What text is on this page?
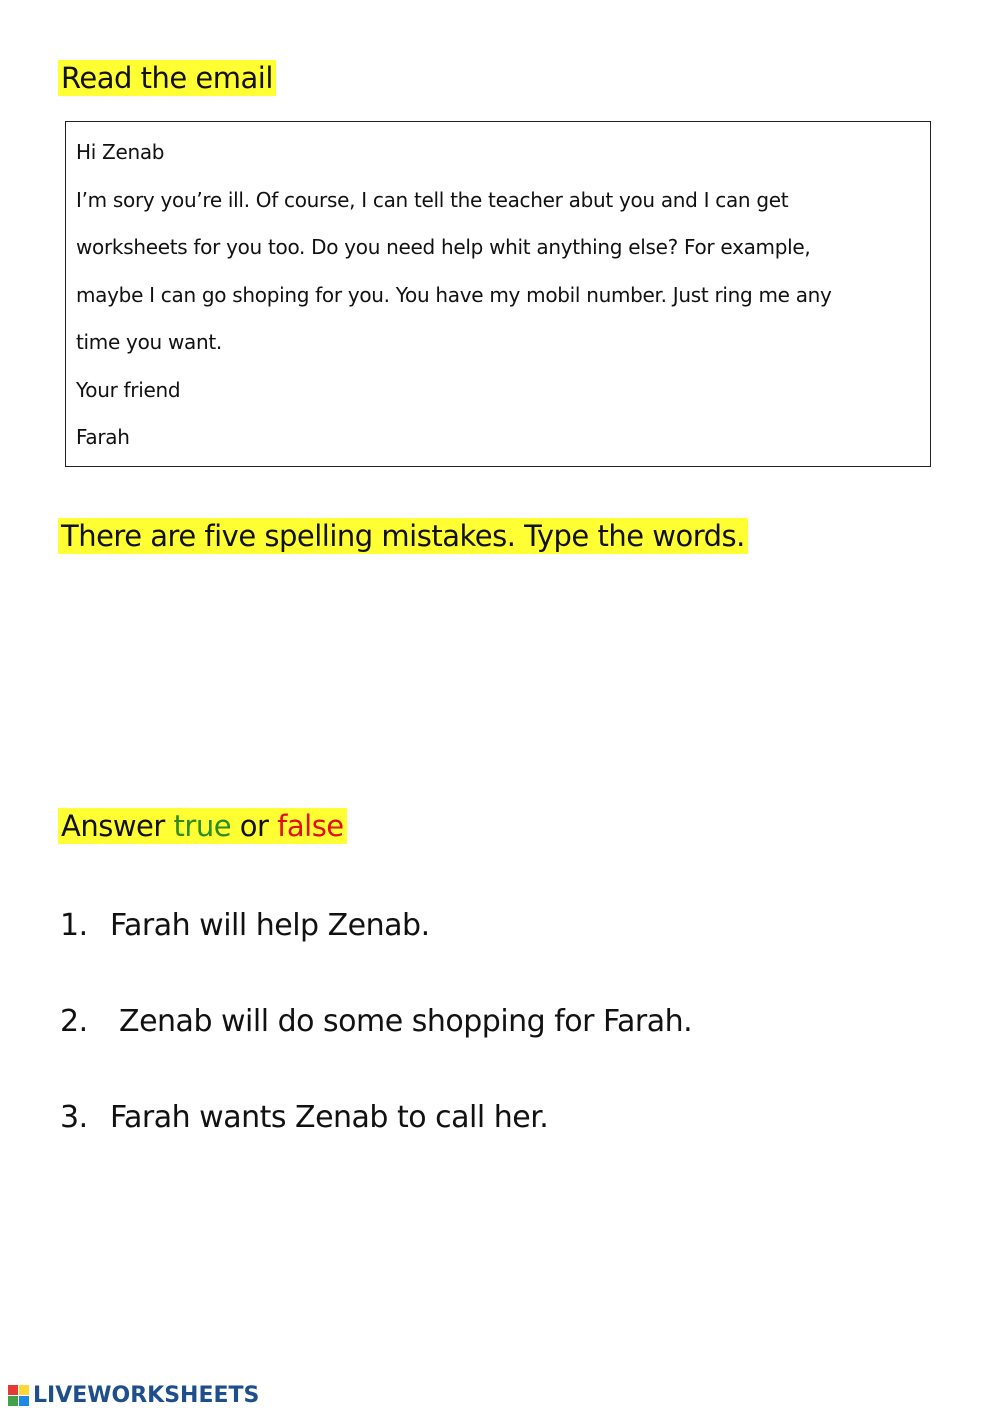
Read the email
Hi Zenab
I’m sory you’re ill. Of course, I can tell the teacher abut you and I can get
worksheets for you too. Do you need help whit anything else? For example,
maybe I can go shoping for you. You have my mobil number. Just ring me any
time you want.
Your friend
Farah
There are five spelling mistakes. Type the words.
Answer true or false
1. Farah will help Zenab.
2. Zenab will do some shopping for Farah.
3. Farah wants Zenab to call her.
LIVEWORKSHEETS
